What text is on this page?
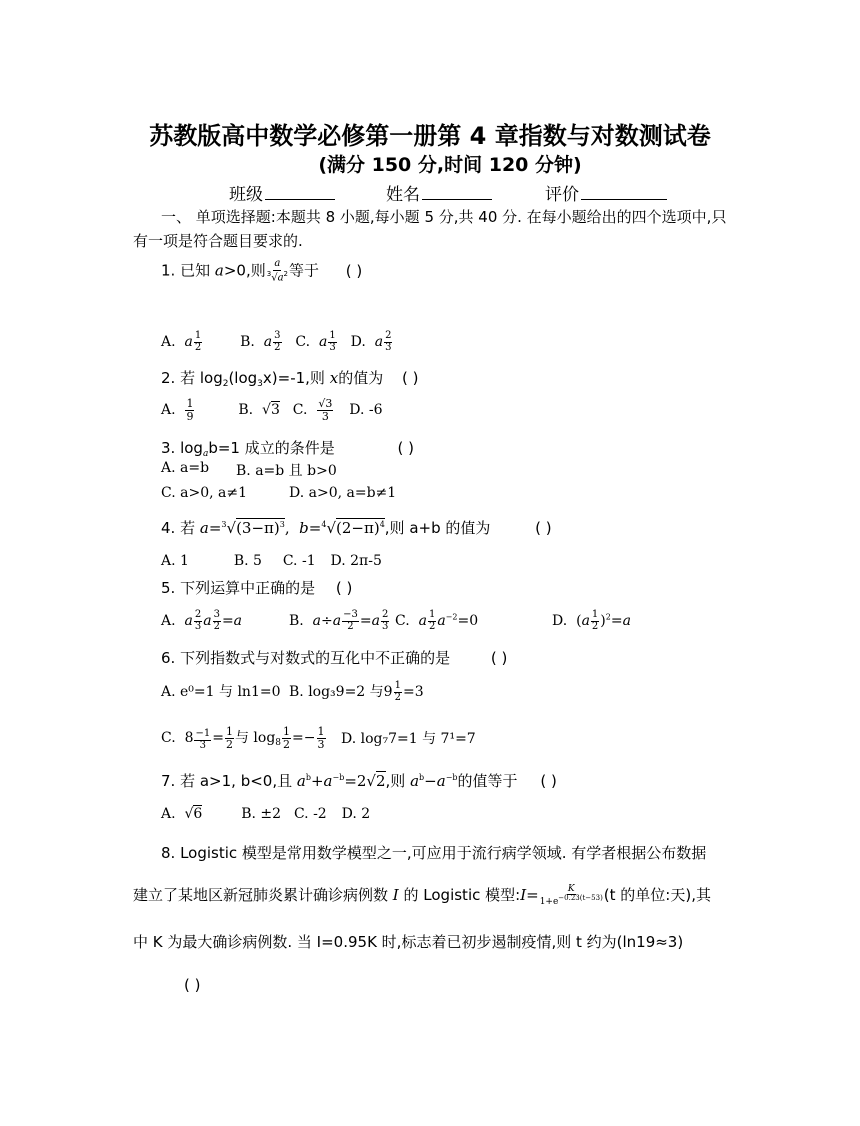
苏教版高中数学必修第一册第 4 章指数与对数测试卷
(满分 150 分,时间 120 分钟)
班级	姓名	评价
一、 单项选择题:本题共 8 小题,每小题 5 分,共 40 分. 在每小题给出的四个选项中,只
有一项是符合题目要求的.
1. 已知 a>0,则 $\frac{a}{^3√a^2}$ 等于 ( )
A. a $\frac{1}{2}$	B. a $\frac{3}{2} C$. a $\frac{1}{3} D$. a $\frac{2}{3}$
2. 若 $\log_2(\log_3x)=-1$,则 x的值为 ( )
A. $\frac{1}{9}$	B.  √3 C. $\frac{√3}{3} D$. -6
3. $\log_ab=1$ 成立的条件是	( )
A. a=b B. a=b 且 b>0
C. a>0, a≠1	D. a>0, a=b≠1
4. 若 $a=^3√(3-\pi)^3$,  $b=^4√(2-\pi)^4$,则 a+b 的值为	( )
A. 1	B. 5 C. -1 D. 2π-5
5. 下列运算中正确的是 ( )
A. a $\frac{2}{3}$ a $\frac{3}{2} =a$	B. $a\div a \frac{-3}{2} =a \frac{2}{3} C$. a $\frac{1}{2} a^{-2}=0$	D.  $(a \frac{1}{2} )^2=a$
6. 下列指数式与对数式的互化中不正确的是	( )
A. e⁰=1 与 ln1=0 B. log₃9=2 与$9 \frac{1}{2} =3$
C.  $8 \frac{-1}{3} = \frac{1}{2}$ 与 $\log_8 \frac{1}{2} =- \frac{1}{3} D$. log₇7=1 与 7¹=7
7. 若 a>1, b<0,且 $a^b+a^{-b}=2√2$,则 $a^b-a^{-b}$的值等于 ( )
A.  √6	B. ±2 C. -2 D. 2
8. Logistic 模型是常用数学模型之一,可应用于流行病学领域. 有学者根据公布数据
建立了某地区新冠肺炎累计确诊病例数 I 的 Logistic 模型:I= $\frac{K}{1+e^{-0.23(t-53)}} (t$ 的单位:天),其
中 K 为最大确诊病例数. 当 I=0.95K 时,标志着已初步遏制疫情,则 t 约为(ln19≈3)
( )
